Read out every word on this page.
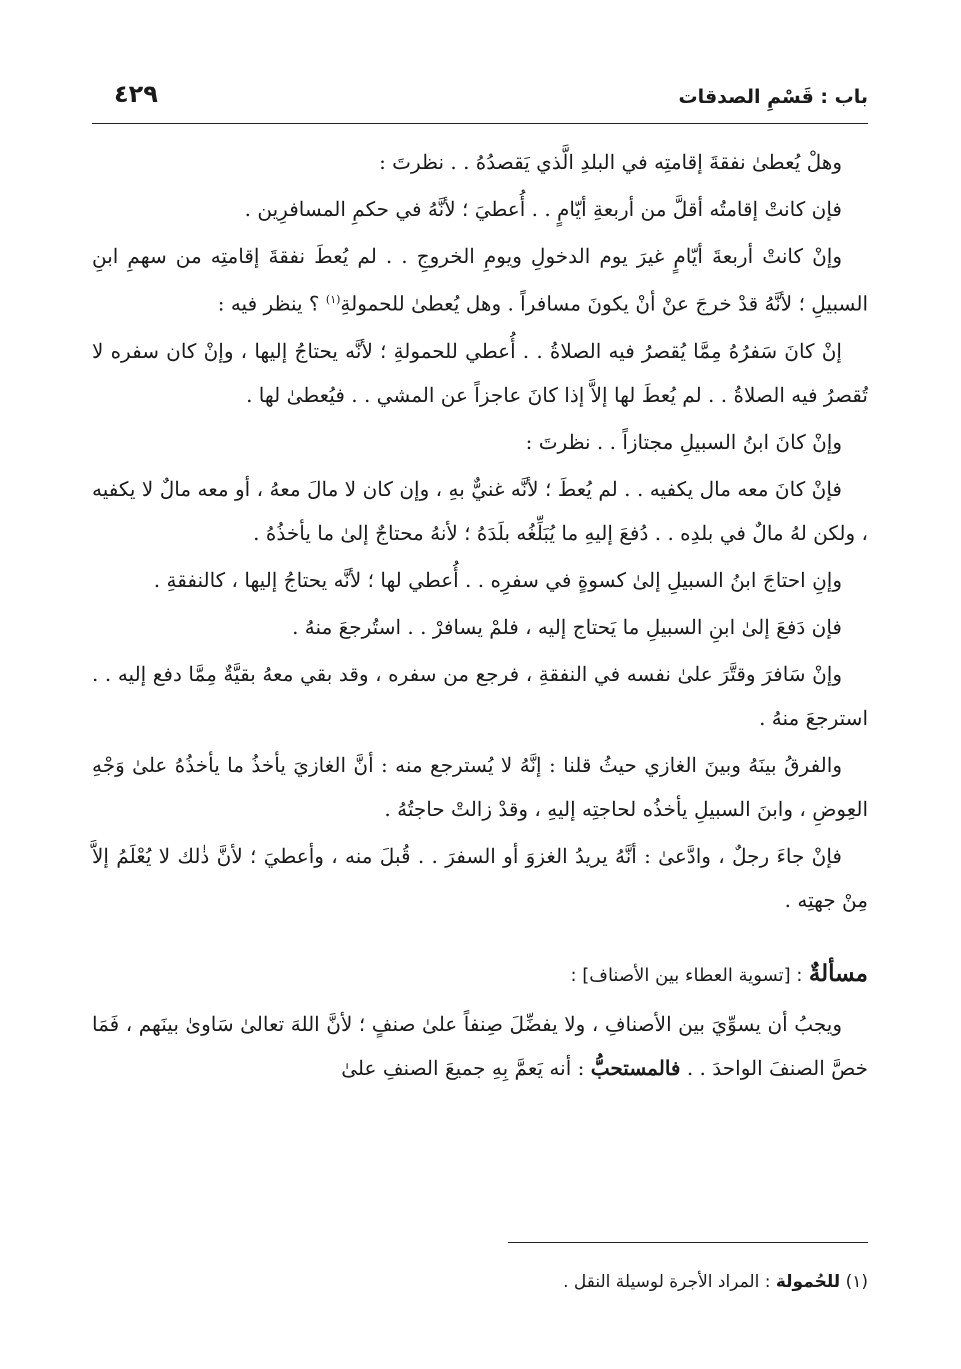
باب : قَسْمِ الصدقات
٤٢٩

وهلْ يُعطىٰ نفقةَ إقامتِه في البلدِ الَّذي يَقصدُهُ . . نظرتَ :

فإن كانتْ إقامتُه أقلَّ من أربعةِ أيّامٍ . . أُعطيَ ؛ لأنَّهُ في حكمِ المسافرِين .

وإنْ كانتْ أربعةَ أيّامٍ غيرَ يوم الدخولِ ويومِ الخروجِ . . لم يُعطَ نفقةَ إقامتِه من سهمِ ابنِ السبيلِ ؛ لأنَّهُ قدْ خرجَ عنْ أنْ يكونَ مسافراً . وهل يُعطىٰ للحمولةِ$^{(١)}$ ؟ ينظر فيه :

إنْ كانَ سَفرُهُ مِمَّا يُقصرُ فيه الصلاةُ . . أُعطي للحمولةِ ؛ لأنَّه يحتاجُ إليها ، وإنْ كان سفره لا تُقصرُ فيه الصلاةُ . . لم يُعطَ لها إلاَّ إذا كانَ عاجزاً عن المشي . . فيُعطىٰ لها .

وإنْ كانَ ابنُ السبيلِ مجتازاً . . نظرتَ :

فإنْ كانَ معه مال يكفيه . . لم يُعطَ ؛ لأنَّه غنيٌّ بهِ ، وإن كان لا مالَ معهُ ، أو معه مالٌ لا يكفيه ، ولكن لهُ مالٌ في بلدِه . . دُفعَ إليهِ ما يُبَلِّغُه بلَدَهُ ؛ لأنهُ محتاجٌ إلىٰ ما يأخذُهُ .

وإنِ احتاجَ ابنُ السبيلِ إلىٰ كسوةٍ في سفرِه . . أُعطي لها ؛ لأنَّه يحتاجُ إليها ، كالنفقةِ .

فإن دَفعَ إلىٰ ابنِ السبيلِ ما يَحتاج إليه ، فلمْ يسافرْ . . استُرجعَ منهُ .

وإنْ سَافرَ وقتَّرَ علىٰ نفسه في النفقةِ ، فرجع من سفره ، وقد بقي معهُ بقيَّةٌ مِمَّا دفع إليه . . استرجعَ منهُ .

والفرقُ بينَهُ وبينَ الغازي حيثُ قلنا : إنَّهُ لا يُسترجع منه : أنَّ الغازيَ يأخذُ ما يأخذُهُ علىٰ وَجْهِ العِوضِ ، وابنَ السبيلِ يأخذُه لحاجتِه إليهِ ، وقدْ زالتْ حاجتُهُ .

فإنْ جاءَ رجلٌ ، وادَّعىٰ : أنَّهُ يريدُ الغزوَ أو السفرَ . . قُبلَ منه ، وأعطيَ ؛ لأنَّ ذٰلك لا يُعْلَمُ إلاَّ مِنْ جهتِه .

مسألةٌ : [تسوية العطاء بين الأصناف] :

ويجبُ أن يسوِّيَ بين الأصنافِ ، ولا يفضِّلَ صِنفاً علىٰ صنفٍ ؛ لأنَّ اللهَ تعالىٰ سَاوىٰ بينَهم ، فَمَا خصَّ الصنفَ الواحدَ . . فالمستحبُّ : أنه يَعمَّ بِهِ جميعَ الصنفِ علىٰ

(١) للحُمولة : المراد الأجرة لوسيلة النقل .
